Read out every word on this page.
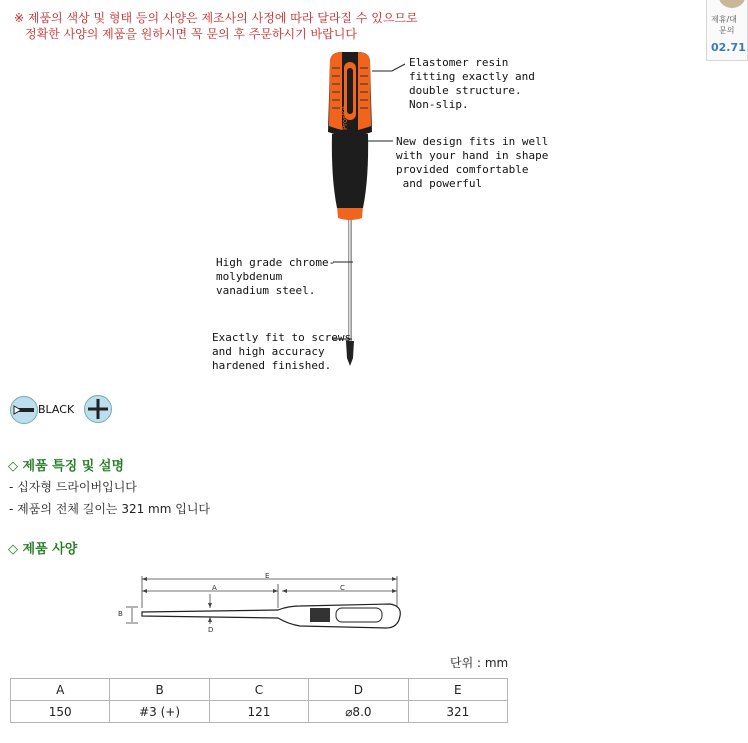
※ 제품의 색상 및 형태 등의 사양은 제조사의 사정에 따라 달라질 수 있으므로
정확한 사양의 제품을 원하시면 꼭 문의 후 주문하시기 바랍니다
제휴/대
문의
02.71
ProsKit
Elastomer resin
fitting exactly and
double structure.
Non-slip.
New design fits in well
with your hand in shape
provided comfortable
and powerful
High grade chrome-
molybdenum
vanadium steel.
Exactly fit to screws
and high accuracy
hardened finished.
BLACK
◇ 제품 특징 및 설명
- 십자형 드라이버입니다
- 제품의 전체 길이는 321 mm 입니다
◇ 제품 사양
E
A	C
D
B
단위 : mm
A	B	C	D	E
150	#3 (+)	121	⌀8.0	321
